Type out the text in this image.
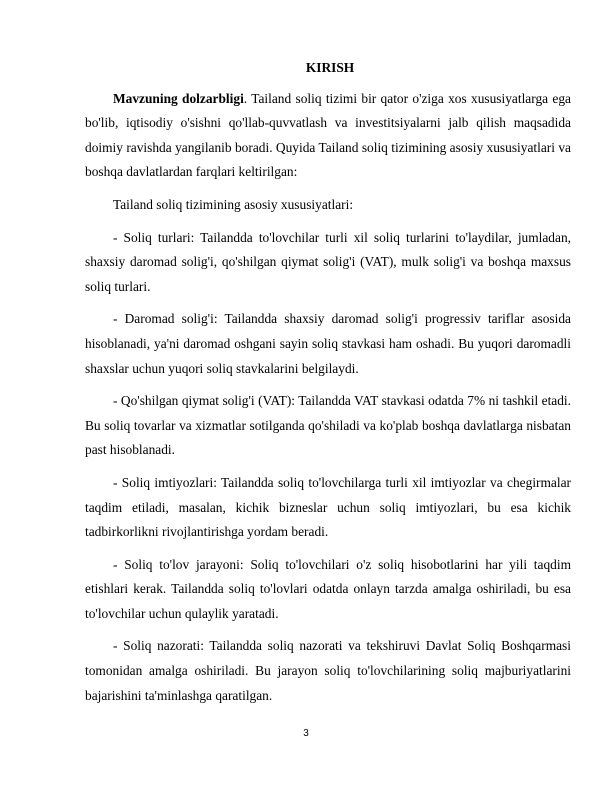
KIRISH

Mavzuning dolzarbligi. Tailand soliq tizimi bir qator o'ziga xos xususiyatlarga ega bo'lib, iqtisodiy o'sishni qo'llab-quvvatlash va investitsiyalarni jalb qilish maqsadida doimiy ravishda yangilanib boradi. Quyida Tailand soliq tizimining asosiy xususiyatlari va boshqa davlatlardan farqlari keltirilgan:

Tailand soliq tizimining asosiy xususiyatlari:

- Soliq turlari: Tailandda to'lovchilar turli xil soliq turlarini to'laydilar, jumladan, shaxsiy daromad solig'i, qo'shilgan qiymat solig'i (VAT), mulk solig'i va boshqa maxsus soliq turlari.

- Daromad solig'i: Tailandda shaxsiy daromad solig'i progressiv tariflar asosida hisoblanadi, ya'ni daromad oshgani sayin soliq stavkasi ham oshadi. Bu yuqori daromadli shaxslar uchun yuqori soliq stavkalarini belgilaydi.

- Qo'shilgan qiymat solig'i (VAT): Tailandda VAT stavkasi odatda 7% ni tashkil etadi. Bu soliq tovarlar va xizmatlar sotilganda qo'shiladi va ko'plab boshqa davlatlarga nisbatan past hisoblanadi.

- Soliq imtiyozlari: Tailandda soliq to'lovchilarga turli xil imtiyozlar va chegirmalar taqdim etiladi, masalan, kichik bizneslar uchun soliq imtiyozlari, bu esa kichik tadbirkorlikni rivojlantirishga yordam beradi.

- Soliq to'lov jarayoni: Soliq to'lovchilari o'z soliq hisobotlarini har yili taqdim etishlari kerak. Tailandda soliq to'lovlari odatda onlayn tarzda amalga oshiriladi, bu esa to'lovchilar uchun qulaylik yaratadi.

- Soliq nazorati: Tailandda soliq nazorati va tekshiruvi Davlat Soliq Boshqarmasi tomonidan amalga oshiriladi. Bu jarayon soliq to'lovchilarining soliq majburiyatlarini bajarishini ta'minlashga qaratilgan.

3
